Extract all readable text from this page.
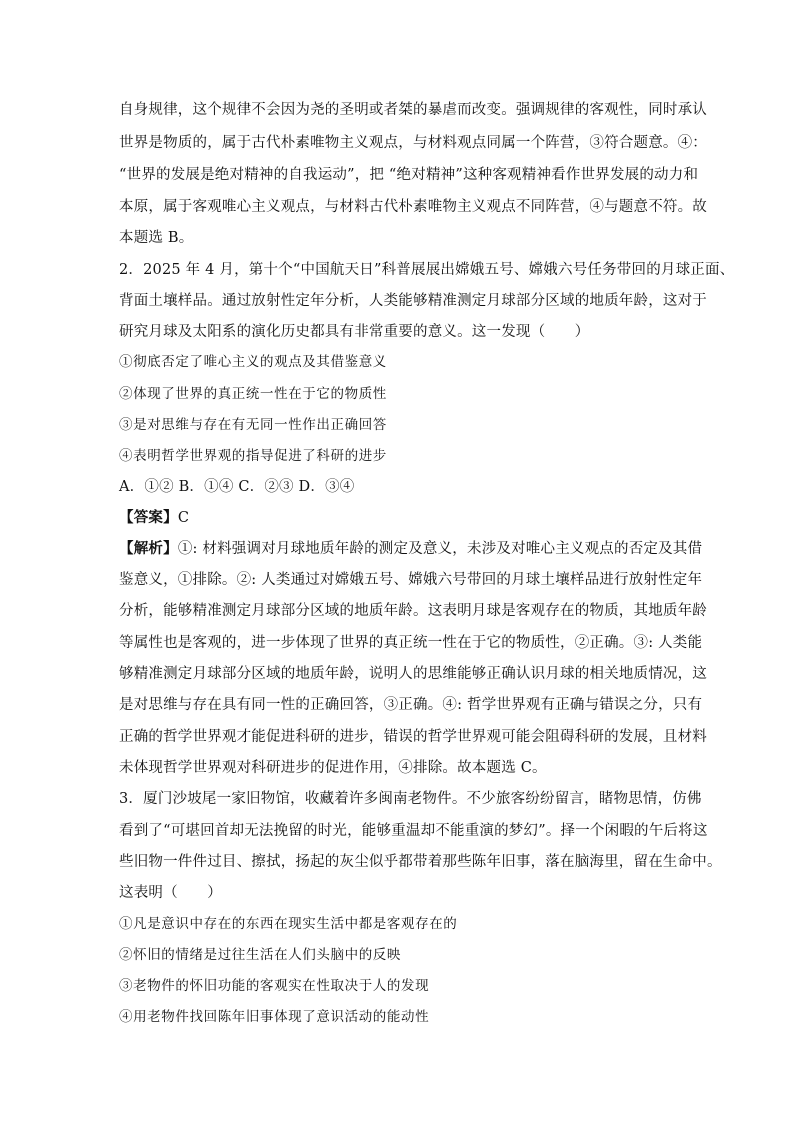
自身规律，这个规律不会因为尧的圣明或者桀的暴虐而改变。强调规律的客观性，同时承认
世界是物质的，属于古代朴素唯物主义观点，与材料观点同属一个阵营，③符合题意。④：
“世界的发展是绝对精神的自我运动”，把 “绝对精神”这种客观精神看作世界发展的动力和
本原，属于客观唯心主义观点，与材料古代朴素唯物主义观点不同阵营，④与题意不符。故
本题选 B。
2．2025 年 4 月，第十个“中国航天日”科普展展出嫦娥五号、嫦娥六号任务带回的月球正面、
背面土壤样品。通过放射性定年分析，人类能够精准测定月球部分区域的地质年龄，这对于
研究月球及太阳系的演化历史都具有非常重要的意义。这一发现（　　）
①彻底否定了唯心主义的观点及其借鉴意义
②体现了世界的真正统一性在于它的物质性
③是对思维与存在有无同一性作出正确回答
④表明哲学世界观的指导促进了科研的进步
A．①② B．①④ C．②③ D．③④
【答案】C
【解析】①: 材料强调对月球地质年龄的测定及意义，未涉及对唯心主义观点的否定及其借
鉴意义，①排除。②: 人类通过对嫦娥五号、嫦娥六号带回的月球土壤样品进行放射性定年
分析，能够精准测定月球部分区域的地质年龄。这表明月球是客观存在的物质，其地质年龄
等属性也是客观的，进一步体现了世界的真正统一性在于它的物质性，②正确。③: 人类能
够精准测定月球部分区域的地质年龄，说明人的思维能够正确认识月球的相关地质情况，这
是对思维与存在具有同一性的正确回答，③正确。④: 哲学世界观有正确与错误之分，只有
正确的哲学世界观才能促进科研的进步，错误的哲学世界观可能会阻碍科研的发展，且材料
未体现哲学世界观对科研进步的促进作用，④排除。故本题选 C。
3．厦门沙坡尾一家旧物馆，收藏着许多闽南老物件。不少旅客纷纷留言，睹物思情，仿佛
看到了“可堪回首却无法挽留的时光，能够重温却不能重演的梦幻”。择一个闲暇的午后将这
些旧物一件件过目、擦拭，扬起的灰尘似乎都带着那些陈年旧事，落在脑海里，留在生命中。
这表明（　　）
①凡是意识中存在的东西在现实生活中都是客观存在的
②怀旧的情绪是过往生活在人们头脑中的反映
③老物件的怀旧功能的客观实在性取决于人的发现
④用老物件找回陈年旧事体现了意识活动的能动性
